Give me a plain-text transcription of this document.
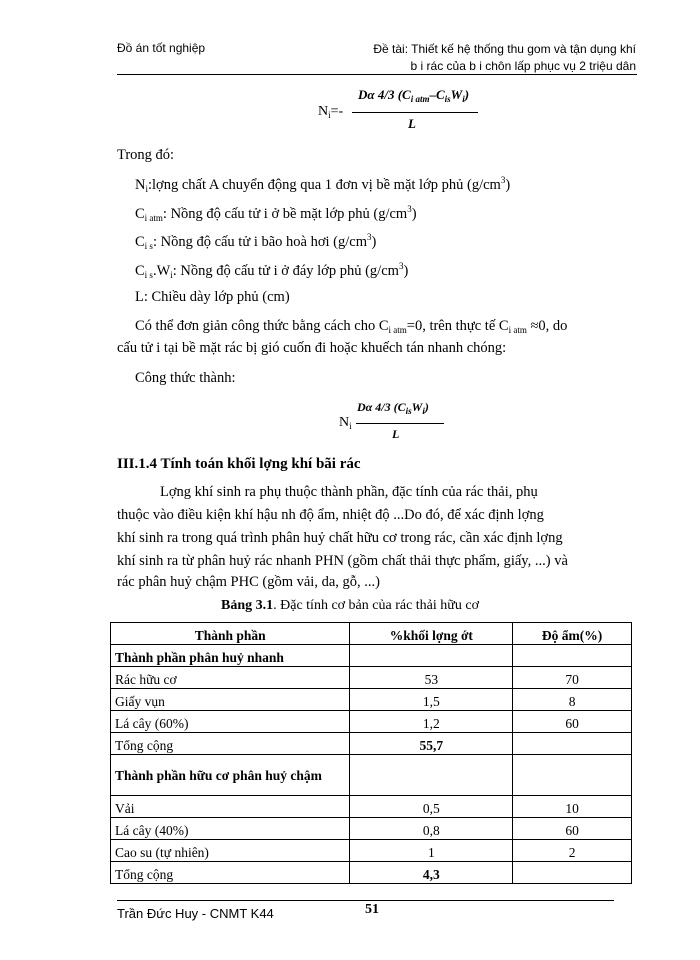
Đồ án tốt nghiệp	Đề tài: Thiết kế hệ thống thu gom và tận dụng khí
b i rác của b i chôn lấp phục vụ 2 triệu dân
$N_i=-$
Dα 4/3 $(C_{i atm}-C_{is}W_i)$
L
Trong đó:
$N_i:lợng$ chất A chuyển động qua 1 đơn vị bề mặt lớp phủ $(g/cm^3)$
$C_{i atm}$: Nồng độ cấu tử i ở bề mặt lớp phủ $(g/cm^3)$
$C_{i s}$: Nồng độ cấu tử i bão hoà hơi $(g/cm^3)$
$C_{i s}.W_i$: Nồng độ cấu tử i ở đáy lớp phủ $(g/cm^3)$
L: Chiều dày lớp phủ (cm)
Có thể đơn giản công thức bằng cách cho $C_{i atm}=0$, trên thực tế $C_{i atm} \approx 0$, do
cấu tử i tại bề mặt rác bị gió cuốn đi hoặc khuếch tán nhanh chóng:
Công thức thành:
$N_i$
Dα 4/3 $(C_{is}W_i)$
L
III.1.4 Tính toán khối lợng khí bãi rác
Lợng khí sinh ra phụ thuộc thành phần, đặc tính của rác thải, phụ
thuộc vào điều kiện khí hậu nh độ ẩm, nhiệt độ ...Do đó, để xác định lợng
khí sinh ra trong quá trình phân huỷ chất hữu cơ trong rác, cần xác định lợng
khí sinh ra từ phân huỷ rác nhanh PHN (gồm chất thải thực phẩm, giấy, ...) và
rác phân huỷ chậm PHC (gồm vải, da, gỗ, ...)
Bảng 3.1. Đặc tính cơ bản của rác thải hữu cơ
Thành phần	%khối lợng ớt	Độ ẩm(%)
Thành phần phân huỷ nhanh		
Rác hữu cơ	53	70
Giấy vụn	1,5	8
Lá cây (60%)	1,2	60
Tổng cộng	55,7	
Thành phần hữu cơ phân huỷ chậm		
Vải	0,5	10
Lá cây (40%)	0,8	60
Cao su (tự nhiên)	1	2
Tổng cộng	4,3	
Trần Đức Huy - CNMT K44	51
